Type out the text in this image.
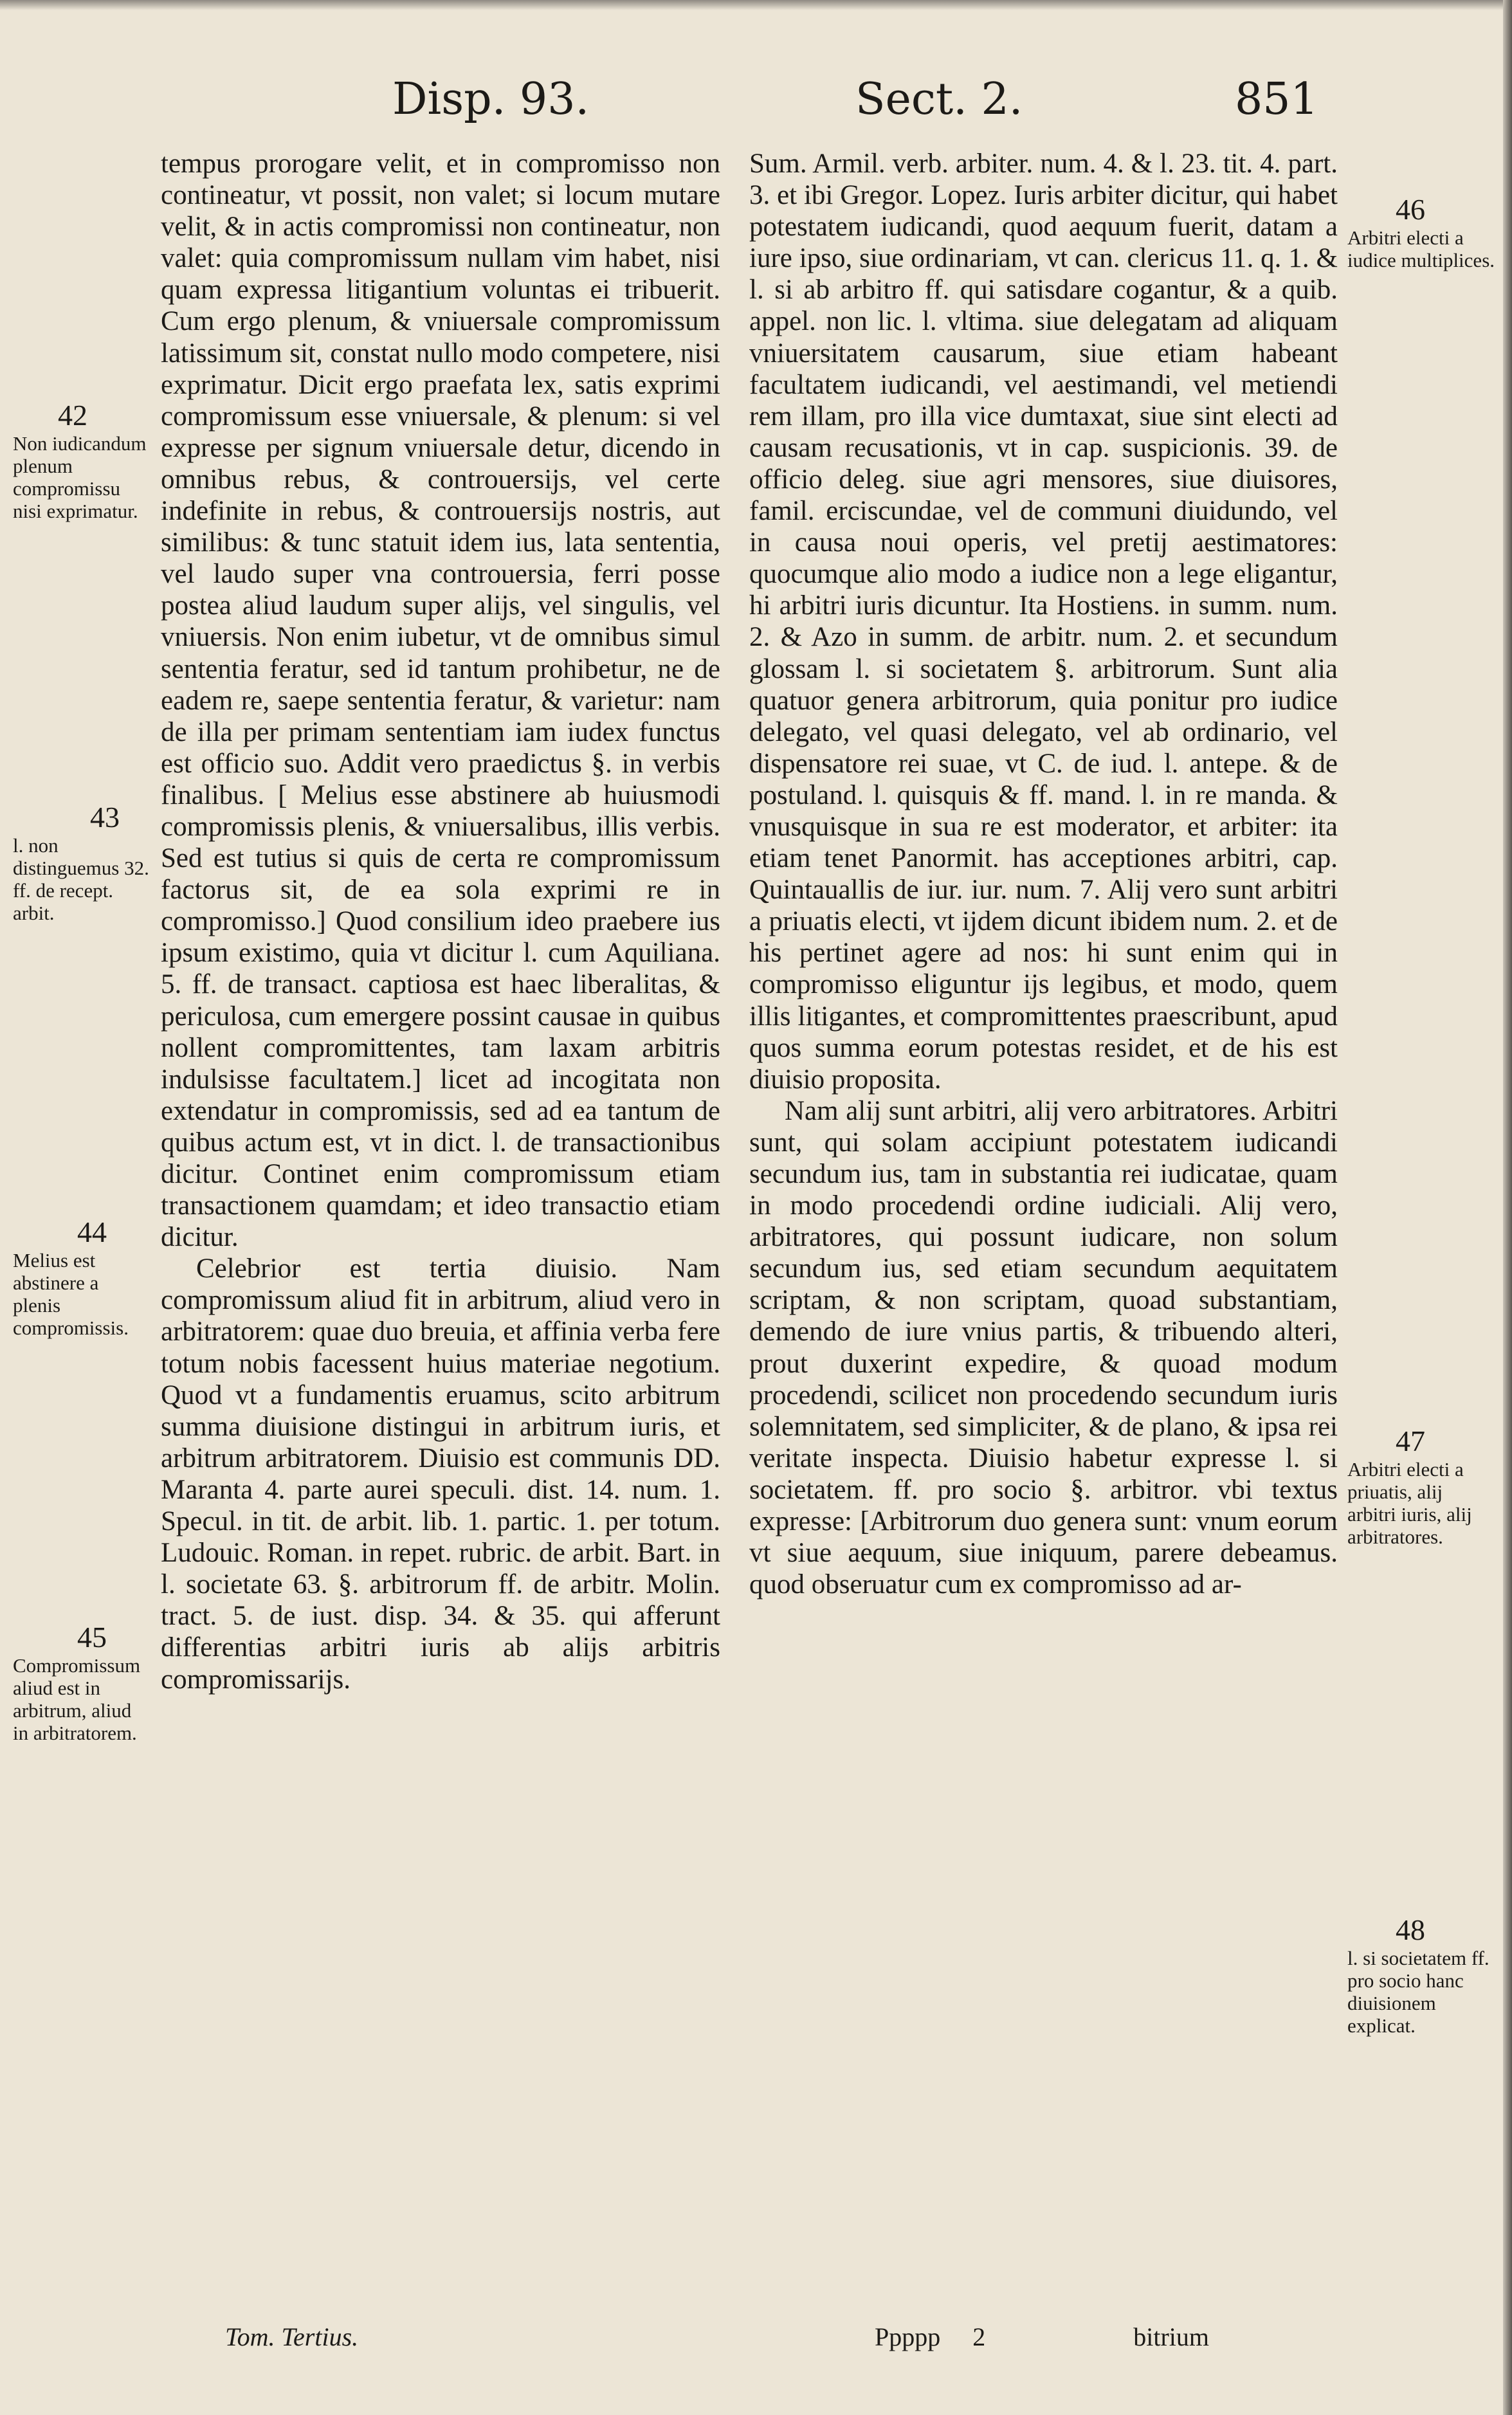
Disp. 93.	Sect. 2.	851

tempus prorogare velit, et in compromisso non contineatur, vt possit, non valet; si locum mutare velit, & in actis compromissi non contineatur, non valet: quia compromissum nullam vim habet, nisi quam expressa litigantium voluntas ei tribuerit. Cum ergo plenum, & vniuersale compromissum latissimum sit, constat nullo modo competere, nisi exprimatur. Dicit ergo praefata lex, satis exprimi compromissum esse vniuersale, & plenum: si vel expresse per signum vniuersale detur, dicendo in omnibus rebus, & controuersijs, vel certe indefinite in rebus, & controuersijs nostris, aut similibus: & tunc statuit idem ius, lata sententia, vel laudo super vna controuersia, ferri posse postea aliud laudum super alijs, vel singulis, vel vniuersis. Non enim iubetur, vt de omnibus simul sententia feratur, sed id tantum prohibetur, ne de eadem re, saepe sententia feratur, & varietur: nam de illa per primam sententiam iam iudex functus est officio suo. Addit vero praedictus §. in verbis finalibus. [ Melius esse abstinere ab huiusmodi compromissis plenis, & vniuersalibus, illis verbis. Sed est tutius si quis de certa re compromissum factorus sit, de ea sola exprimi re in compromisso.] Quod consilium ideo praebere ius ipsum existimo, quia vt dicitur l. cum Aquiliana. 5. ff. de transact. captiosa est haec liberalitas, & periculosa, cum emergere possint causae in quibus nollent compromittentes, tam laxam arbitris indulsisse facultatem.] licet ad incogitata non extendatur in compromissis, sed ad ea tantum de quibus actum est, vt in dict. l. de transactionibus dicitur. Continet enim compromissum etiam transactionem quamdam; et ideo transactio etiam dicitur.

Celebrior est tertia diuisio. Nam compromissum aliud fit in arbitrum, aliud vero in arbitratorem: quae duo breuia, et affinia verba fere totum nobis facessent huius materiae negotium. Quod vt a fundamentis eruamus, scito arbitrum summa diuisione distingui in arbitrum iuris, et arbitrum arbitratorem. Diuisio est communis DD. Maranta 4. parte aurei speculi. dist. 14. num. 1. Specul. in tit. de arbit. lib. 1. partic. 1. per totum. Ludouic. Roman. in repet. rubric. de arbit. Bart. in l. societate 63. §. arbitrorum ff. de arbitr. Molin. tract. 5. de iust. disp. 34. & 35. qui afferunt differentias arbitri iuris ab alijs arbitris compromissarijs.

Sum. Armil. verb. arbiter. num. 4. & l. 23. tit. 4. part. 3. et ibi Gregor. Lopez. Iuris arbiter dicitur, qui habet potestatem iudicandi, quod aequum fuerit, datam a iure ipso, siue ordinariam, vt can. clericus 11. q. 1. & l. si ab arbitro ff. qui satisdare cogantur, & a quib. appel. non lic. l. vltima. siue delegatam ad aliquam vniuersitatem causarum, siue etiam habeant facultatem iudicandi, vel aestimandi, vel metiendi rem illam, pro illa vice dumtaxat, siue sint electi ad causam recusationis, vt in cap. suspicionis. 39. de officio deleg. siue agri mensores, siue diuisores, famil. erciscundae, vel de communi diuidundo, vel in causa noui operis, vel pretij aestimatores: quocumque alio modo a iudice non a lege eligantur, hi arbitri iuris dicuntur. Ita Hostiens. in summ. num. 2. & Azo in summ. de arbitr. num. 2. et secundum glossam l. si societatem §. arbitrorum. Sunt alia quatuor genera arbitrorum, quia ponitur pro iudice delegato, vel quasi delegato, vel ab ordinario, vel dispensatore rei suae, vt C. de iud. l. antepe. & de postuland. l. quisquis & ff. mand. l. in re manda. & vnusquisque in sua re est moderator, et arbiter: ita etiam tenet Panormit. has acceptiones arbitri, cap. Quintauallis de iur. iur. num. 7. Alij vero sunt arbitri a priuatis electi, vt ijdem dicunt ibidem num. 2. et de his pertinet agere ad nos: hi sunt enim qui in compromisso eliguntur ijs legibus, et modo, quem illis litigantes, et compromittentes praescribunt, apud quos summa eorum potestas residet, et de his est diuisio proposita.

Nam alij sunt arbitri, alij vero arbitratores. Arbitri sunt, qui solam accipiunt potestatem iudicandi secundum ius, tam in substantia rei iudicatae, quam in modo procedendi ordine iudiciali. Alij vero, arbitratores, qui possunt iudicare, non solum secundum ius, sed etiam secundum aequitatem scriptam, & non scriptam, quoad substantiam, demendo de iure vnius partis, & tribuendo alteri, prout duxerint expedire, & quoad modum procedendi, scilicet non procedendo secundum iuris solemnitatem, sed simpliciter, & de plano, & ipsa rei veritate inspecta. Diuisio habetur expresse l. si societatem. ff. pro socio §. arbitror. vbi textus expresse: [Arbitrorum duo genera sunt: vnum eorum vt siue aequum, siue iniquum, parere debeamus. quod obseruatur cum ex compromisso ad ar-

42
Non iudicandum plenum compromissu nisi exprimatur.
43
l. non distinguemus 32. ff. de recept. arbit.
44
Melius est abstinere a plenis compromissis.
45
Compromissum aliud est in arbitrum, aliud in arbitratorem.
46
Arbitri electi a iudice multiplices.
47
Arbitri electi a priuatis, alij arbitri iuris, alij arbitratores.
48
l. si societatem ff. pro socio hanc diuisionem explicat.
Tom. Tertius.	Ppppp 2	bitrium
